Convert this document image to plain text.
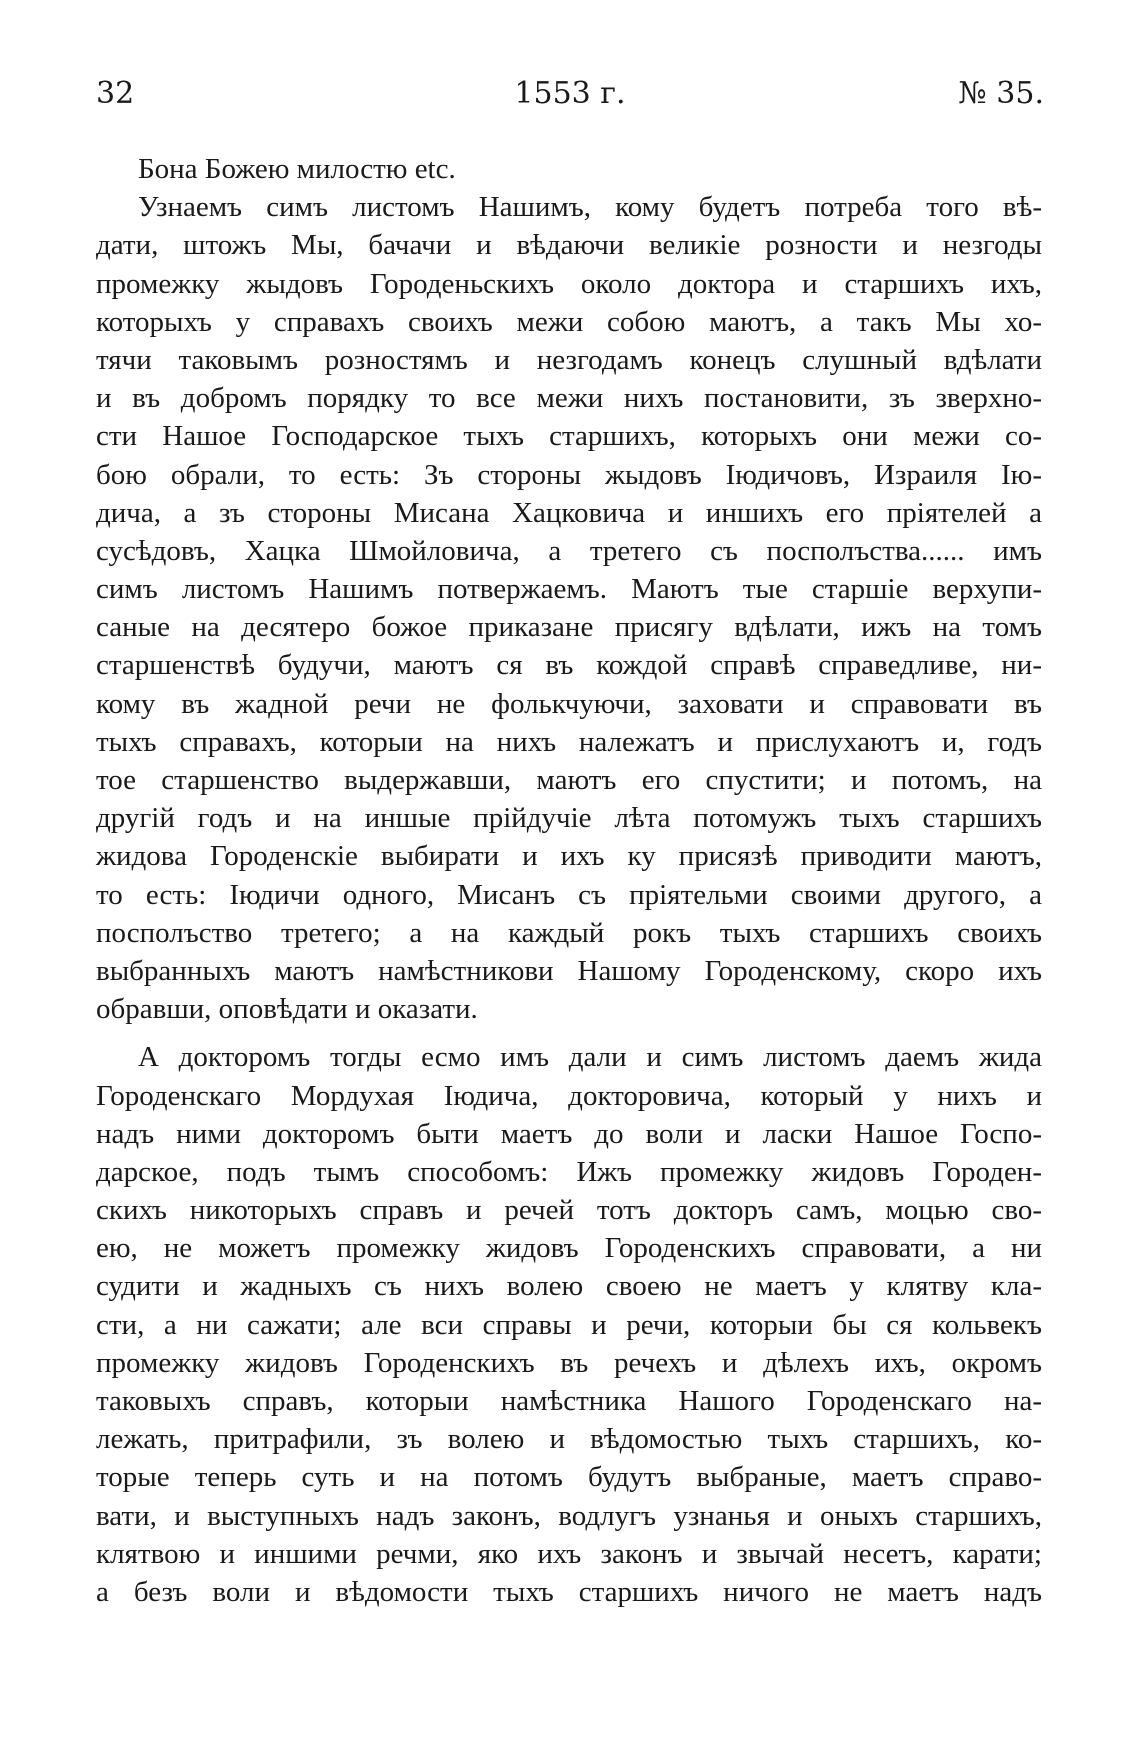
32	1553 г.	№ 35.
Бона Божею милостю etc.
Узнаемъ симъ листомъ Нашимъ, кому будетъ потреба того вѣ-
дати, штожъ Мы, бачачи и вѣдаючи великіе розности и незгоды
промежку жыдовъ Городеньскихъ около доктора и старшихъ ихъ,
которыхъ у справахъ своихъ межи собою маютъ, а такъ Мы хо-
тячи таковымъ розностямъ и незгодамъ конецъ слушный вдѣлати
и въ добромъ порядку то все межи нихъ постановити, зъ зверхно-
сти Нашое Господарское тыхъ старшихъ, которыхъ они межи со-
бою обрали, то есть: Зъ стороны жыдовъ Іюдичовъ, Израиля Ію-
дича, а зъ стороны Мисана Хацковича и иншихъ его пріятелей а
сусѣдовъ, Хацка Шмойловича, а третего съ посполъства...... имъ
симъ листомъ Нашимъ потвержаемъ. Маютъ тые старшіе верхупи-
саные на десятеро божое приказане присягу вдѣлати, ижъ на томъ
старшенствѣ будучи, маютъ ся въ кождой справѣ справедливе, ни-
кому въ жадной речи не фолькчуючи, заховати и справовати въ
тыхъ справахъ, которыи на нихъ належатъ и прислухаютъ и, годъ
тое старшенство выдержавши, маютъ его спустити; и потомъ, на
другій годъ и на иншые прійдучіе лѣта потомужъ тыхъ старшихъ
жидова Городенскіе выбирати и ихъ ку присязѣ приводити маютъ,
то есть: Іюдичи одного, Мисанъ съ пріятельми своими другого, а
посполъство третего; а на каждый рокъ тыхъ старшихъ своихъ
выбранныхъ маютъ намѣстникови Нашому Городенскому, скоро ихъ
обравши, оповѣдати и оказати.
А докторомъ тогды есмо имъ дали и симъ листомъ даемъ жида
Городенскаго Мордухая Іюдича, докторовича, который у нихъ и
надъ ними докторомъ быти маетъ до воли и ласки Нашое Госпо-
дарское, подъ тымъ способомъ: Ижъ промежку жидовъ Городен-
скихъ никоторыхъ справъ и речей тотъ докторъ самъ, моцью сво-
ею, не можетъ промежку жидовъ Городенскихъ справовати, а ни
судити и жадныхъ съ нихъ волею своею не маетъ у клятву кла-
сти, а ни сажати; але вси справы и речи, которыи бы ся кольвекъ
промежку жидовъ Городенскихъ въ речехъ и дѣлехъ ихъ, окромъ
таковыхъ справъ, которыи намѣстника Нашого Городенскаго на-
лежать, притрафили, зъ волею и вѣдомостью тыхъ старшихъ, ко-
торые теперь суть и на потомъ будутъ выбраные, маетъ справо-
вати, и выступныхъ надъ законъ, водлугъ узнанья и оныхъ старшихъ,
клятвою и иншими речми, яко ихъ законъ и звычай несетъ, карати;
а безъ воли и вѣдомости тыхъ старшихъ ничого не маетъ надъ
